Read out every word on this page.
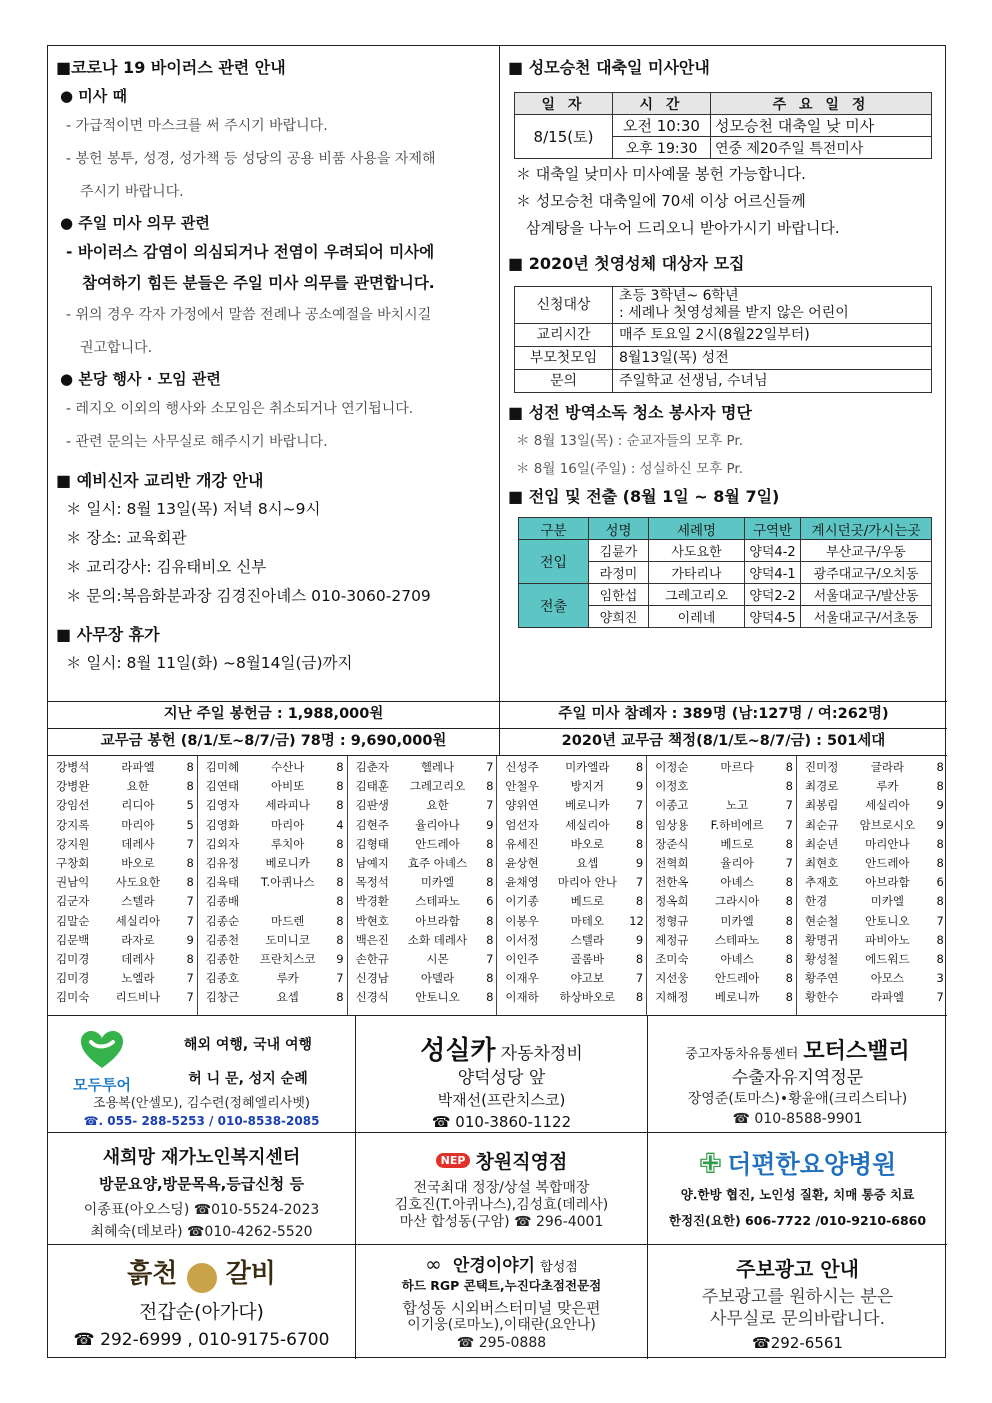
■코로나 19 바이러스 관련 안내
● 미사 때
- 가급적이면 마스크를 써 주시기 바랍니다.
- 봉헌 봉투, 성경, 성가책 등 성당의 공용 비품 사용을 자제해
주시기 바랍니다.
● 주일 미사 의무 관련
- 바이러스 감염이 의심되거나 전염이 우려되어 미사에
참여하기 힘든 분들은 주일 미사 의무를 관면합니다.
- 위의 경우 각자 가정에서 말씀 전례나 공소예절을 바치시길
권고합니다.
● 본당 행사 · 모임 관련
- 레지오 이외의 행사와 소모임은 취소되거나 연기됩니다.
- 관련 문의는 사무실로 해주시기 바랍니다.
■ 예비신자 교리반 개강 안내
＊ 일시: 8월 13일(목) 저녁 8시~9시
＊ 장소: 교육회관
＊ 교리강사: 김유태비오 신부
＊ 문의:복음화분과장 김경진아녜스 010-3060-2709
■ 사무장 휴가
＊ 일시: 8월 11일(화) ~8월14일(금)까지
■ 성모승천 대축일 미사안내
일 자	시 간	주 요 일 정
8/15(토)	오전 10:30	성모승천 대축일 낮 미사
	오후 19:30	연중 제20주일 특전미사
＊ 대축일 낮미사 미사예물 봉헌 가능합니다.
＊ 성모승천 대축일에 70세 이상 어르신들께
삼계탕을 나누어 드리오니 받아가시기 바랍니다.
■ 2020년 첫영성체 대상자 모집
신청대상	초등 3학년~ 6학년
: 세례나 첫영성체를 받지 않은 어린이

교리시간	매주 토요일 2시(8월22일부터)
부모첫모임	8월13일(목) 성전
문의	주일학교 선생님, 수녀님
■ 성전 방역소독 청소 봉사자 명단
＊ 8월 13일(목) : 순교자들의 모후 Pr.
＊ 8월 16일(주일) : 성실하신 모후 Pr.
■ 전입 및 전출 (8월 1일 ~ 8월 7일)
구분	성명	세례명	구역반	계시던곳/가시는곳
전입	김륜가	사도요한	양덕4-2	부산교구/우동
	라정미	가타리나	양덕4-1	광주대교구/오치동
전출	임한섭	그레고리오	양덕2-2	서울대교구/발산동
	양희진	이레네	양덕4-5	서울대교구/서초동
지난 주일 봉헌금 : 1,988,000원	주일 미사 참례자 : 389명 (남:127명 / 여:262명)
교무금 봉헌 (8/1/토~8/7/금) 78명 : 9,690,000원	2020년 교무금 책정(8/1/토~8/7/금) : 501세대
강병석	라파엘	8
강병완	요한	8
강임선	리디아	5
강지록	마리아	5
강지원	데레사	7
구창회	바오로	8
권남익	사도요한	8
김군자	스텔라	7
김말순	세실리아	7
김문백	라자로	9
김미경	데레사	8
김미경	노엘라	7
김미숙	리드비나	7
김미혜	수산나	8
김연태	아비또	8
김영자	세라피나	8
김영화	마리아	4
김외자	루치아	8
김유정	베로니카	8
김육태	T.아퀴나스	8
김종배	8
김종순	마드렌	8
김종천	도미니코	8
김종한	프란치스코	9
김종호	루카	7
김창근	요셉	8
김춘자	헬레나	7
김태훈	그레고리오	8
김판생	요한	7
김현주	율리아나	9
김형태	안드레아	8
남예지	효주 아녜스	8
목정석	미카엘	8
박경환	스테파노	6
박현호	아브라함	8
백은진	소화 데레사	8
손한규	시몬	7
신경남	아델라	8
신경식	안토니오	8
신성주	미카엘라	8
안철우	방지거	9
양위연	베로니카	7
엄선자	세실리아	8
유세진	바오로	8
윤상현	요셉	9
윤채영	마리아 안나	7
이기종	베드로	8
이봉우	마테오	12
이서정	스텔라	9
이인주	골롬바	8
이재우	야고보	7
이재하	하상바오로	8
이정순	마르다	8
이정호	8
이종고	노고	7
임상용	F.하비에르	7
장준식	베드로	8
전혁희	율리아	7
전한옥	아녜스	8
정옥희	그라시아	8
정형규	미카엘	8
제정규	스테파노	8
조미숙	아녜스	8
지선웅	안드레아	8
지해정	베로니까	8
진미정	글라라	8
최경로	루카	8
최봉림	세실리아	9
최순규	암브로시오	9
최순년	마리안나	8
최현호	안드레아	8
추재호	아브라함	6
한경	미카엘	8
현순철	안토니오	7
황명귀	파비아노	8
황성철	에드워드	8
황주연	아모스	3
황한수	라파엘	7
모두투어
해외 여행, 국내 여행
허 니 문, 성지 순례
조용복(안셀모), 김수련(정혜엘리사벳)
☎. 055- 288-5253 / 010-8538-2085
성실카 자동차정비
양덕성당 앞
박재선(프란치스코)
☎ 010-3860-1122
중고자동차유통센터 모터스밸리
수출자유지역정문
장영준(토마스)•황윤애(크리스티나)
☎ 010-8588-9901
새희망 재가노인복지센터
방문요양,방문목욕,등급신청 등
이종표(아오스딩) ☎010-5524-2023
최혜숙(데보라) ☎010-4262-5520
NEP 창원직영점
전국최대 정장/상설 복합매장
김호진(T.아퀴나스),김성효(데레사)
마산 합성동(구암) ☎ 296-4001
✙ 더편한요양병원
양.한방 협진, 노인성 질환, 치매 통증 치료
한정진(요한) 606-7722 /010-9210-6860
흙천 갈비
전갑순(아가다)
☎ 292-6999 , 010-9175-6700
∞ 안경이야기 합성점
하드 RGP 콘택트,누진다초점전문점
합성동 시외버스터미널 맞은편
이기웅(로마노),이태란(요안나)
☎ 295-0888
주보광고 안내
주보광고를 원하시는 분은
사무실로 문의바랍니다.
☎292-6561
